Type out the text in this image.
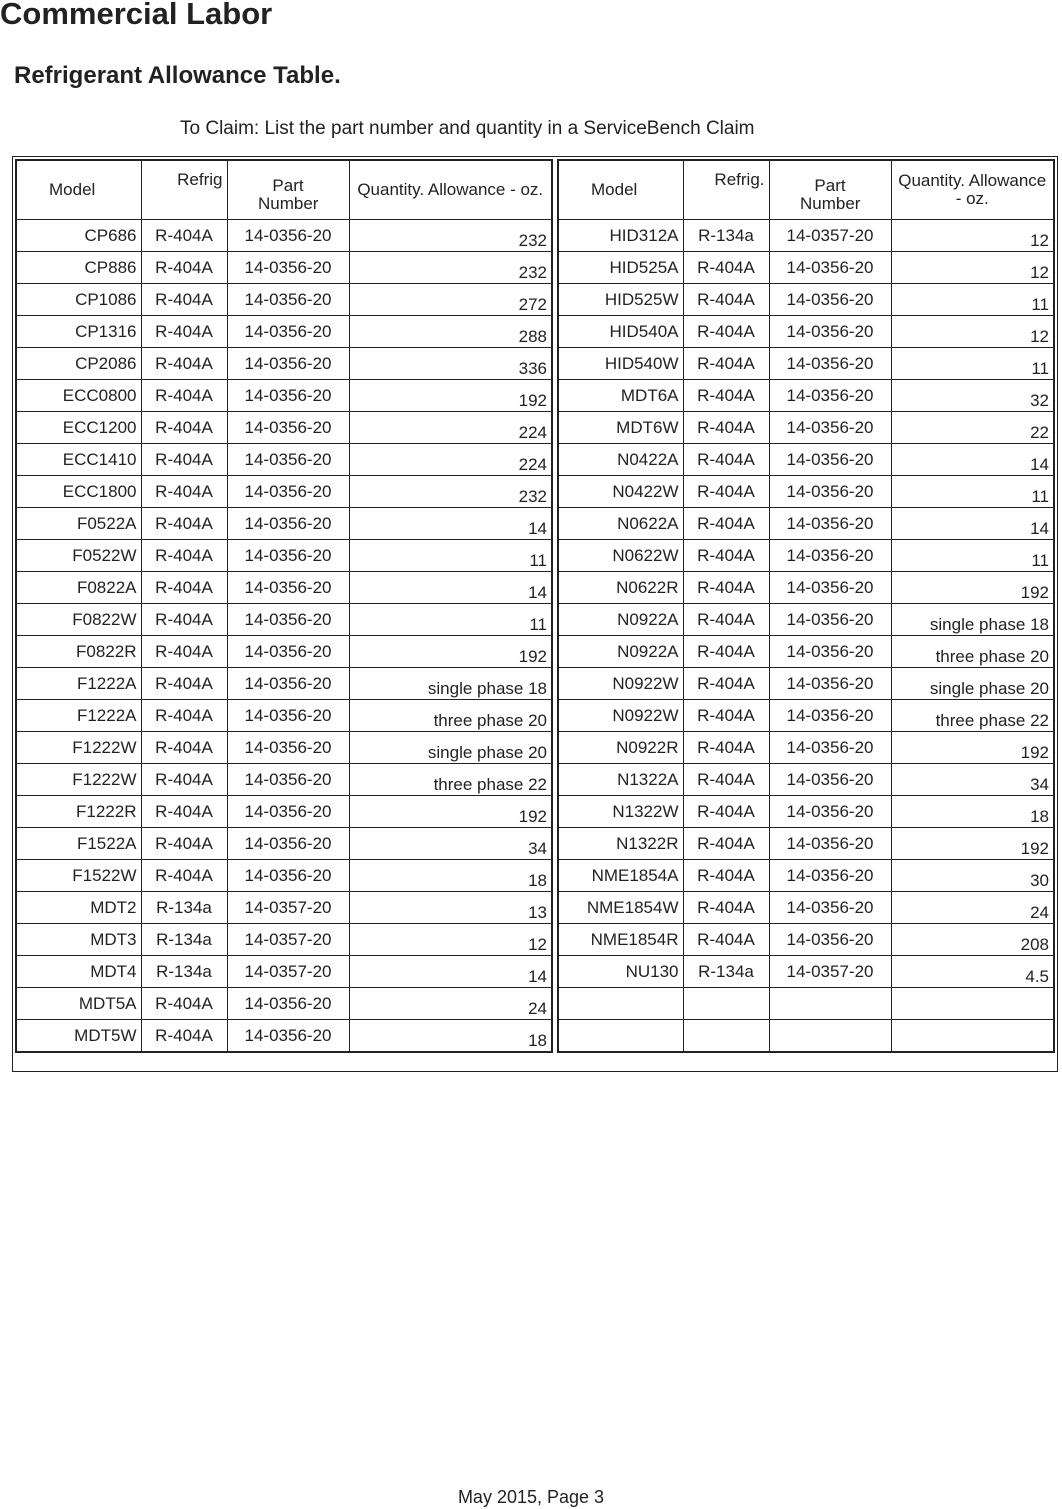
Commercial Labor
Refrigerant Allowance Table.

To Claim: List the part number and quantity in a ServiceBench Claim

Model	Refrig	Part Number	Quantity. Allowance - oz.

CP686	R-404A	14-0356-20	232
CP886	R-404A	14-0356-20	232
CP1086	R-404A	14-0356-20	272
CP1316	R-404A	14-0356-20	288
CP2086	R-404A	14-0356-20	336
ECC0800	R-404A	14-0356-20	192
ECC1200	R-404A	14-0356-20	224
ECC1410	R-404A	14-0356-20	224
ECC1800	R-404A	14-0356-20	232
F0522A	R-404A	14-0356-20	14
F0522W	R-404A	14-0356-20	11
F0822A	R-404A	14-0356-20	14
F0822W	R-404A	14-0356-20	11
F0822R	R-404A	14-0356-20	192
F1222A	R-404A	14-0356-20	single phase 18
F1222A	R-404A	14-0356-20	three phase 20
F1222W	R-404A	14-0356-20	single phase 20
F1222W	R-404A	14-0356-20	three phase 22
F1222R	R-404A	14-0356-20	192
F1522A	R-404A	14-0356-20	34
F1522W	R-404A	14-0356-20	18
MDT2	R-134a	14-0357-20	13
MDT3	R-134a	14-0357-20	12
MDT4	R-134a	14-0357-20	14
MDT5A	R-404A	14-0356-20	24
MDT5W	R-404A	14-0356-20	18
Model	Refrig.	Part Number	Quantity. Allowance - oz.

HID312A	R-134a	14-0357-20	12
HID525A	R-404A	14-0356-20	12
HID525W	R-404A	14-0356-20	11
HID540A	R-404A	14-0356-20	12
HID540W	R-404A	14-0356-20	11
MDT6A	R-404A	14-0356-20	32
MDT6W	R-404A	14-0356-20	22
N0422A	R-404A	14-0356-20	14
N0422W	R-404A	14-0356-20	11
N0622A	R-404A	14-0356-20	14
N0622W	R-404A	14-0356-20	11
N0622R	R-404A	14-0356-20	192
N0922A	R-404A	14-0356-20	single phase 18
N0922A	R-404A	14-0356-20	three phase 20
N0922W	R-404A	14-0356-20	single phase 20
N0922W	R-404A	14-0356-20	three phase 22
N0922R	R-404A	14-0356-20	192
N1322A	R-404A	14-0356-20	34
N1322W	R-404A	14-0356-20	18
N1322R	R-404A	14-0356-20	192
NME1854A	R-404A	14-0356-20	30
NME1854W	R-404A	14-0356-20	24
NME1854R	R-404A	14-0356-20	208
NU130	R-134a	14-0357-20	4.5

May 2015, Page 3
